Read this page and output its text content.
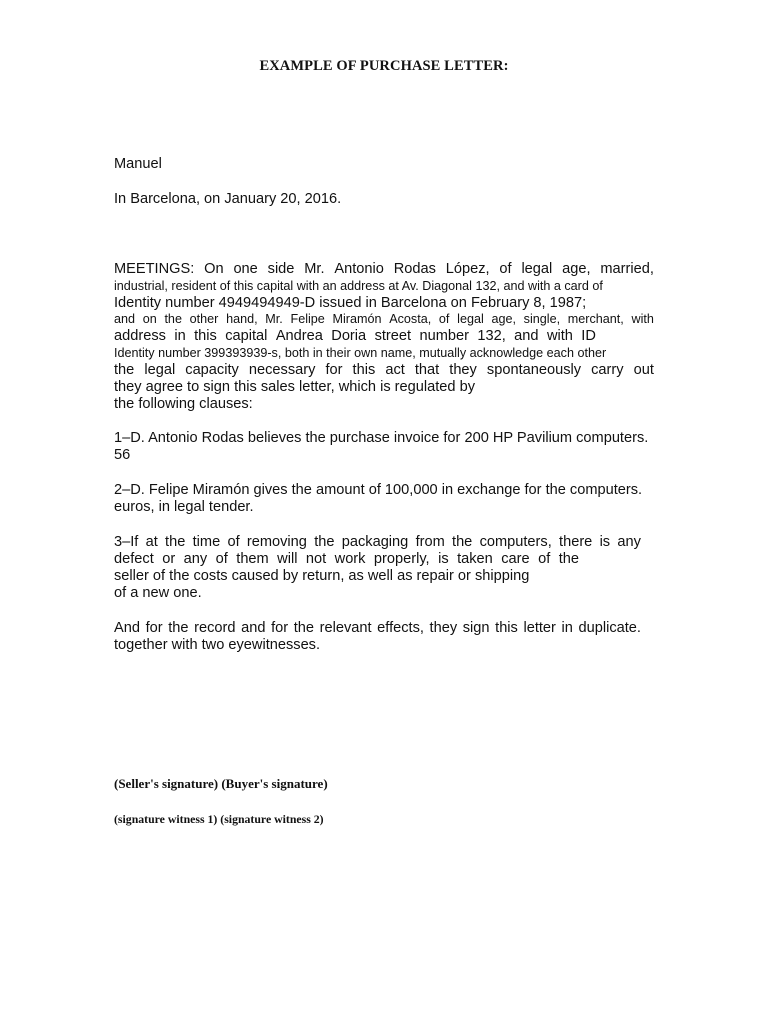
EXAMPLE OF PURCHASE LETTER:
Manuel
In Barcelona, on January 20, 2016.
MEETINGS: On one side Mr. Antonio Rodas López, of legal age, married,
industrial, resident of this capital with an address at Av. Diagonal 132, and with a card of
Identity number 4949494949-D issued in Barcelona on February 8, 1987;
and on the other hand, Mr. Felipe Miramón Acosta, of legal age, single, merchant, with
address in this capital Andrea Doria street number 132, and with ID
Identity number 399393939-s, both in their own name, mutually acknowledge each other
the legal capacity necessary for this act that they spontaneously carry out
they agree to sign this sales letter, which is regulated by
the following clauses:
1–D. Antonio Rodas believes the purchase invoice for 200 HP Pavilium computers.
56
2–D. Felipe Miramón gives the amount of 100,000 in exchange for the computers.
euros, in legal tender.
3–If at the time of removing the packaging from the computers, there is any
defect or any of them will not work properly, is taken care of the
seller of the costs caused by return, as well as repair or shipping
of a new one.
And for the record and for the relevant effects, they sign this letter in duplicate.
together with two eyewitnesses.
(Seller's signature) (Buyer's signature)
(signature witness 1) (signature witness 2)
